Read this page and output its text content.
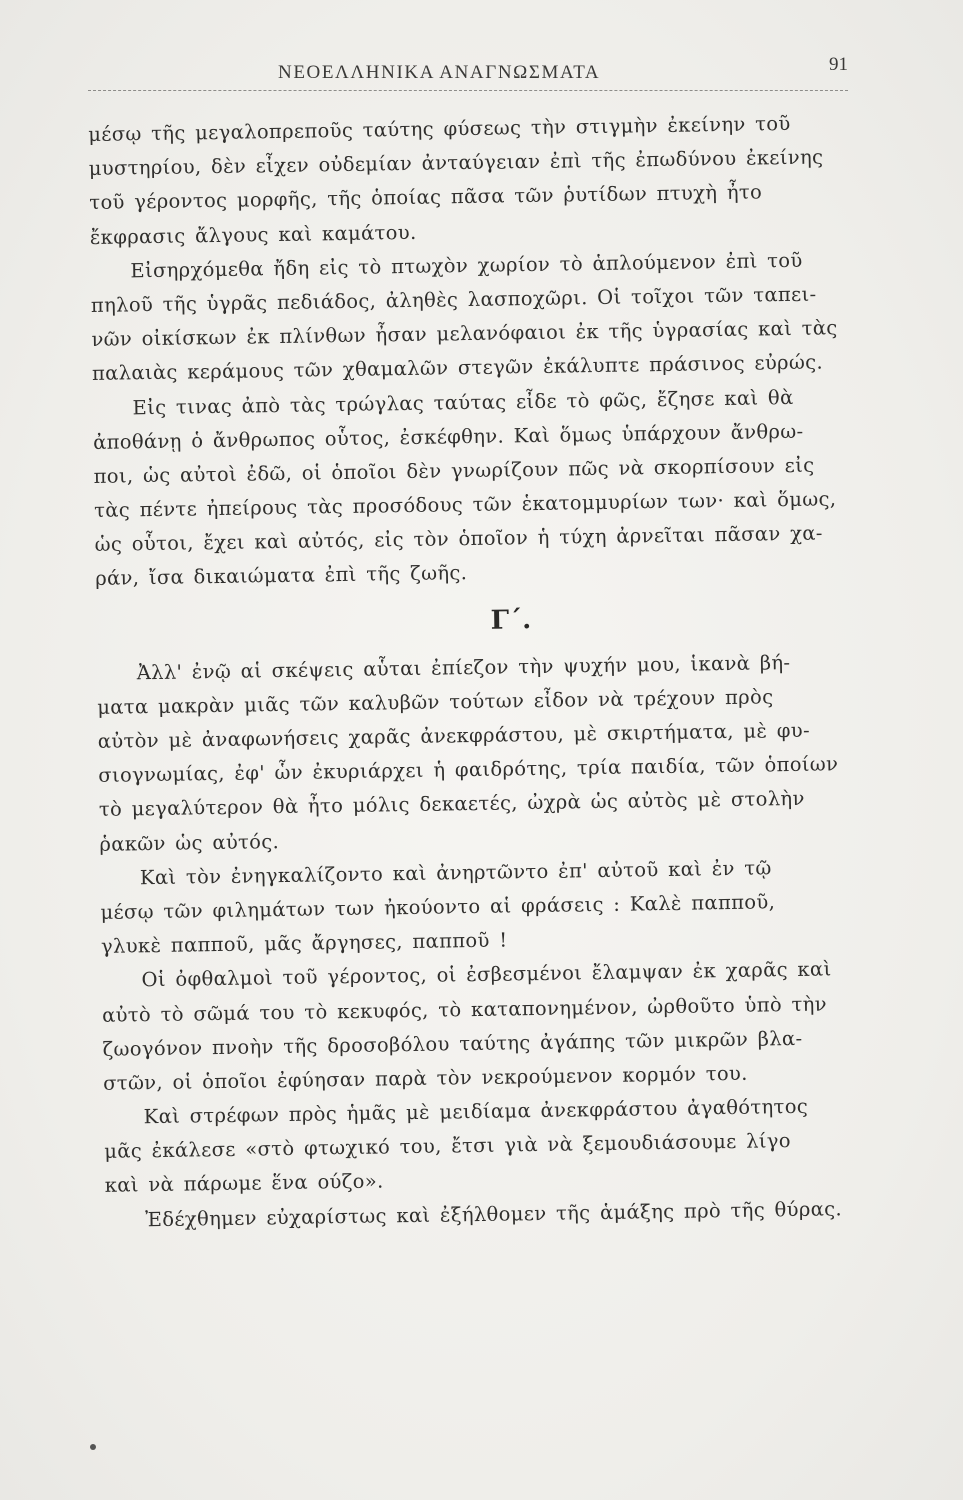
ΝΕΟΕΛΛΗΝΙΚΑ ΑΝΑΓΝΩΣΜΑΤΑ	91
μέσῳ τῆς μεγαλοπρεποῦς ταύτης φύσεως τὴν στιγμὴν ἐκείνην τοῦ
μυστηρίου, δὲν εἶχεν οὐδεμίαν ἀνταύγειαν ἐπὶ τῆς ἐπωδύνου ἐκείνης
τοῦ γέροντος μορφῆς, τῆς ὁποίας πᾶσα τῶν ῥυτίδων πτυχὴ ἦτο
ἔκφρασις ἄλγους καὶ καμάτου.
Εἰσηρχόμεθα ἤδη εἰς τὸ πτωχὸν χωρίον τὸ ἁπλούμενον ἐπὶ τοῦ
πηλοῦ τῆς ὑγρᾶς πεδιάδος, ἀληθὲς λασποχῶρι. Οἱ τοῖχοι τῶν ταπει-
νῶν οἰκίσκων ἐκ πλίνθων ἦσαν μελανόφαιοι ἐκ τῆς ὑγρασίας καὶ τὰς
παλαιὰς κεράμους τῶν χθαμαλῶν στεγῶν ἐκάλυπτε πράσινος εὐρώς.
Εἰς τινας ἀπὸ τὰς τρώγλας ταύτας εἶδε τὸ φῶς, ἔζησε καὶ θὰ
ἀποθάνῃ ὁ ἄνθρωπος οὗτος, ἐσκέφθην. Καὶ ὅμως ὑπάρχουν ἄνθρω-
ποι, ὡς αὐτοὶ ἐδῶ, οἱ ὁποῖοι δὲν γνωρίζουν πῶς νὰ σκορπίσουν εἰς
τὰς πέντε ἠπείρους τὰς προσόδους τῶν ἑκατομμυρίων των· καὶ ὅμως,
ὡς οὗτοι, ἔχει καὶ αὐτός, εἰς τὸν ὁποῖον ἡ τύχη ἀρνεῖται πᾶσαν χα-
ράν, ἴσα δικαιώματα ἐπὶ τῆς ζωῆς.
Γ΄.
Ἀλλ' ἐνῷ αἱ σκέψεις αὗται ἐπίεζον τὴν ψυχήν μου, ἱκανὰ βή-
ματα μακρὰν μιᾶς τῶν καλυβῶν τούτων εἶδον νὰ τρέχουν πρὸς
αὐτὸν μὲ ἀναφωνήσεις χαρᾶς ἀνεκφράστου, μὲ σκιρτήματα, μὲ φυ-
σιογνωμίας, ἐφ' ὧν ἐκυριάρχει ἡ φαιδρότης, τρία παιδία, τῶν ὁποίων
τὸ μεγαλύτερον θὰ ἦτο μόλις δεκαετές, ὠχρὰ ὡς αὐτὸς μὲ στολὴν
ῥακῶν ὡς αὐτός.
Καὶ τὸν ἐνηγκαλίζοντο καὶ ἀνηρτῶντο ἐπ' αὐτοῦ καὶ ἐν τῷ
μέσῳ τῶν φιλημάτων των ἠκούοντο αἱ φράσεις : Καλὲ παπποῦ,
γλυκὲ παπποῦ, μᾶς ἄργησες, παπποῦ !
Οἱ ὀφθαλμοὶ τοῦ γέροντος, οἱ ἐσβεσμένοι ἔλαμψαν ἐκ χαρᾶς καὶ
αὐτὸ τὸ σῶμά του τὸ κεκυφός, τὸ καταπονημένον, ὠρθοῦτο ὑπὸ τὴν
ζωογόνον πνοὴν τῆς δροσοβόλου ταύτης ἀγάπης τῶν μικρῶν βλα-
στῶν, οἱ ὁποῖοι ἐφύησαν παρὰ τὸν νεκρούμενον κορμόν του.
Καὶ στρέφων πρὸς ἡμᾶς μὲ μειδίαμα ἀνεκφράστου ἀγαθότητος
μᾶς ἐκάλεσε «στὸ φτωχικό του, ἔτσι γιὰ νὰ ξεμουδιάσουμε λίγο
καὶ νὰ πάρωμε ἕνα ούζο».
Ἐδέχθημεν εὐχαρίστως καὶ ἐξήλθομεν τῆς ἁμάξης πρὸ τῆς θύρας.
